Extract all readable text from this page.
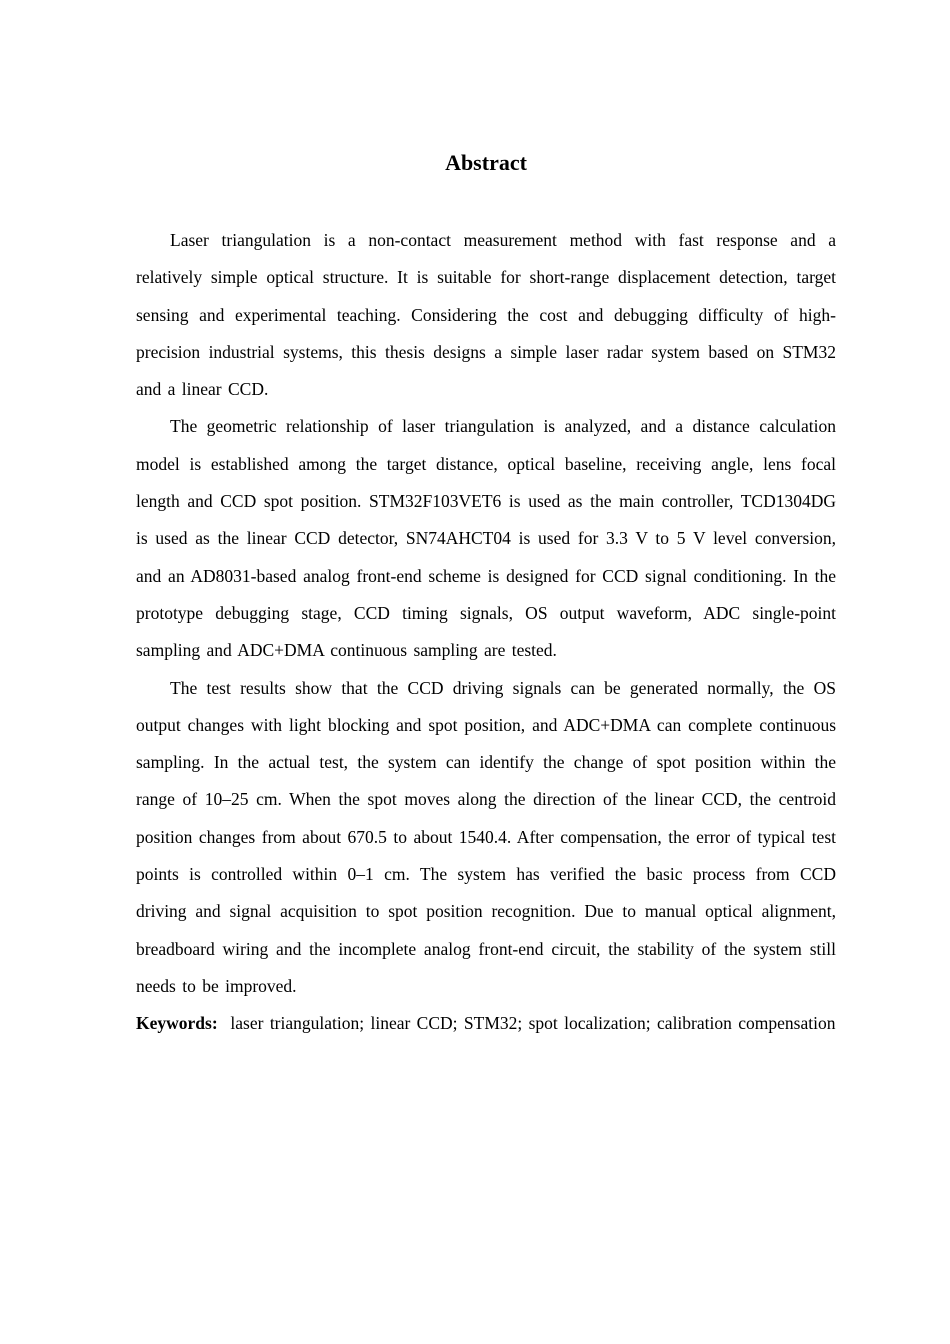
Abstract

Laser triangulation is a non-contact measurement method with fast response and a relatively simple optical structure. It is suitable for short-range displacement detection, target sensing and experimental teaching. Considering the cost and debugging difficulty of high-precision industrial systems, this thesis designs a simple laser radar system based on STM32 and a linear CCD.

The geometric relationship of laser triangulation is analyzed, and a distance calculation model is established among the target distance, optical baseline, receiving angle, lens focal length and CCD spot position. STM32F103VET6 is used as the main controller, TCD1304DG is used as the linear CCD detector, SN74AHCT04 is used for 3.3 V to 5 V level conversion, and an AD8031-based analog front-end scheme is designed for CCD signal conditioning. In the prototype debugging stage, CCD timing signals, OS output waveform, ADC single-point sampling and ADC+DMA continuous sampling are tested.

The test results show that the CCD driving signals can be generated normally, the OS output changes with light blocking and spot position, and ADC+DMA can complete continuous sampling. In the actual test, the system can identify the change of spot position within the range of 10–25 cm. When the spot moves along the direction of the linear CCD, the centroid position changes from about 670.5 to about 1540.4. After compensation, the error of typical test points is controlled within 0–1 cm. The system has verified the basic process from CCD driving and signal acquisition to spot position recognition. Due to manual optical alignment, breadboard wiring and the incomplete analog front-end circuit, the stability of the system still needs to be improved.

Keywords: laser triangulation; linear CCD; STM32; spot localization; calibration compensation
